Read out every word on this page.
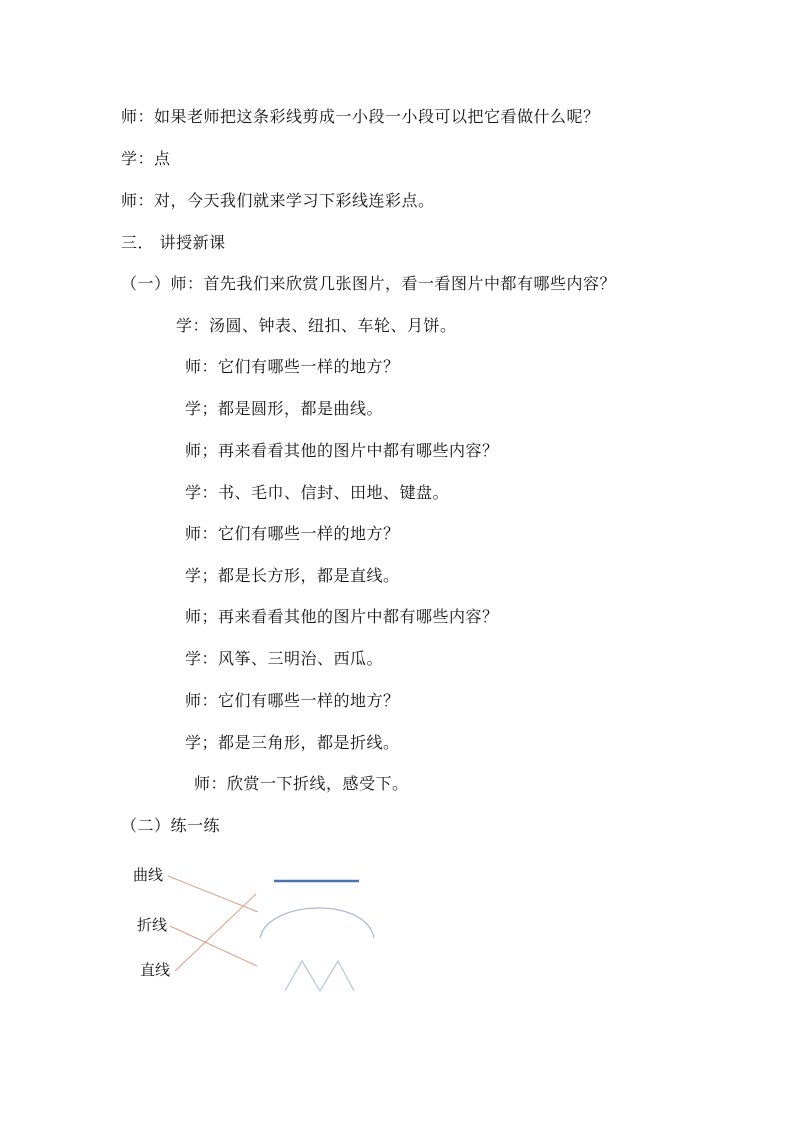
师：如果老师把这条彩线剪成一小段一小段可以把它看做什么呢？
学：点
师：对，今天我们就来学习下彩线连彩点。
三． 讲授新课
（一）师：首先我们来欣赏几张图片，看一看图片中都有哪些内容？
学：汤圆、钟表、纽扣、车轮、月饼。
师：它们有哪些一样的地方？
学；都是圆形，都是曲线。
师；再来看看其他的图片中都有哪些内容？
学：书、毛巾、信封、田地、键盘。
师：它们有哪些一样的地方？
学；都是长方形，都是直线。
师；再来看看其他的图片中都有哪些内容？
学：风筝、三明治、西瓜。
师：它们有哪些一样的地方？
学；都是三角形，都是折线。
师：欣赏一下折线，感受下。
（二）练一练
曲线
折线
直线
